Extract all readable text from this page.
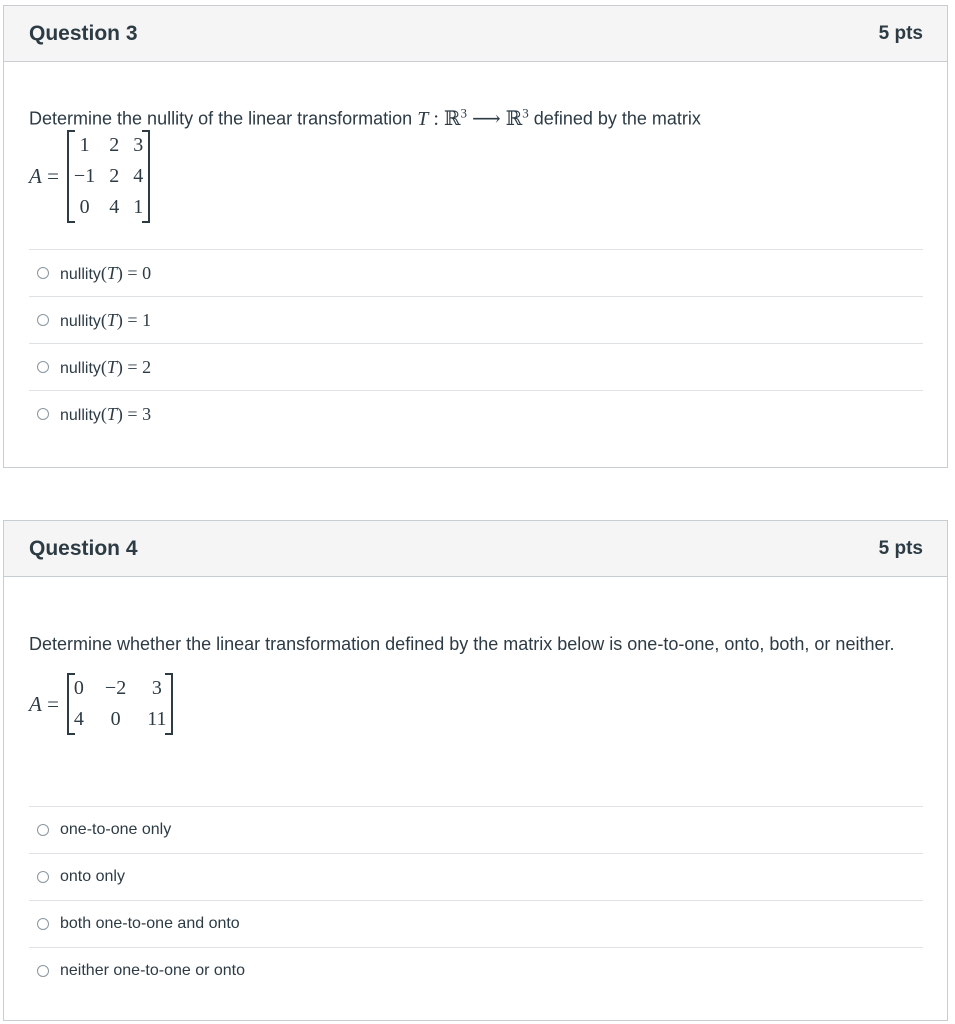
Question 3	5 pts
Determine the nullity of the linear transformation T : ℝ$^3$ ⟶ ℝ$^3$ defined by the matrix
A =
1	2	3
−1	2	4
0	4	1
nullity(T) = 0
nullity(T) = 1
nullity(T) = 2
nullity(T) = 3
Question 4	5 pts
Determine whether the linear transformation defined by the matrix below is one-to-one, onto, both, or neither.
A =
0	−2	3
4	0	11
one-to-one only
onto only
both one-to-one and onto
neither one-to-one or onto
